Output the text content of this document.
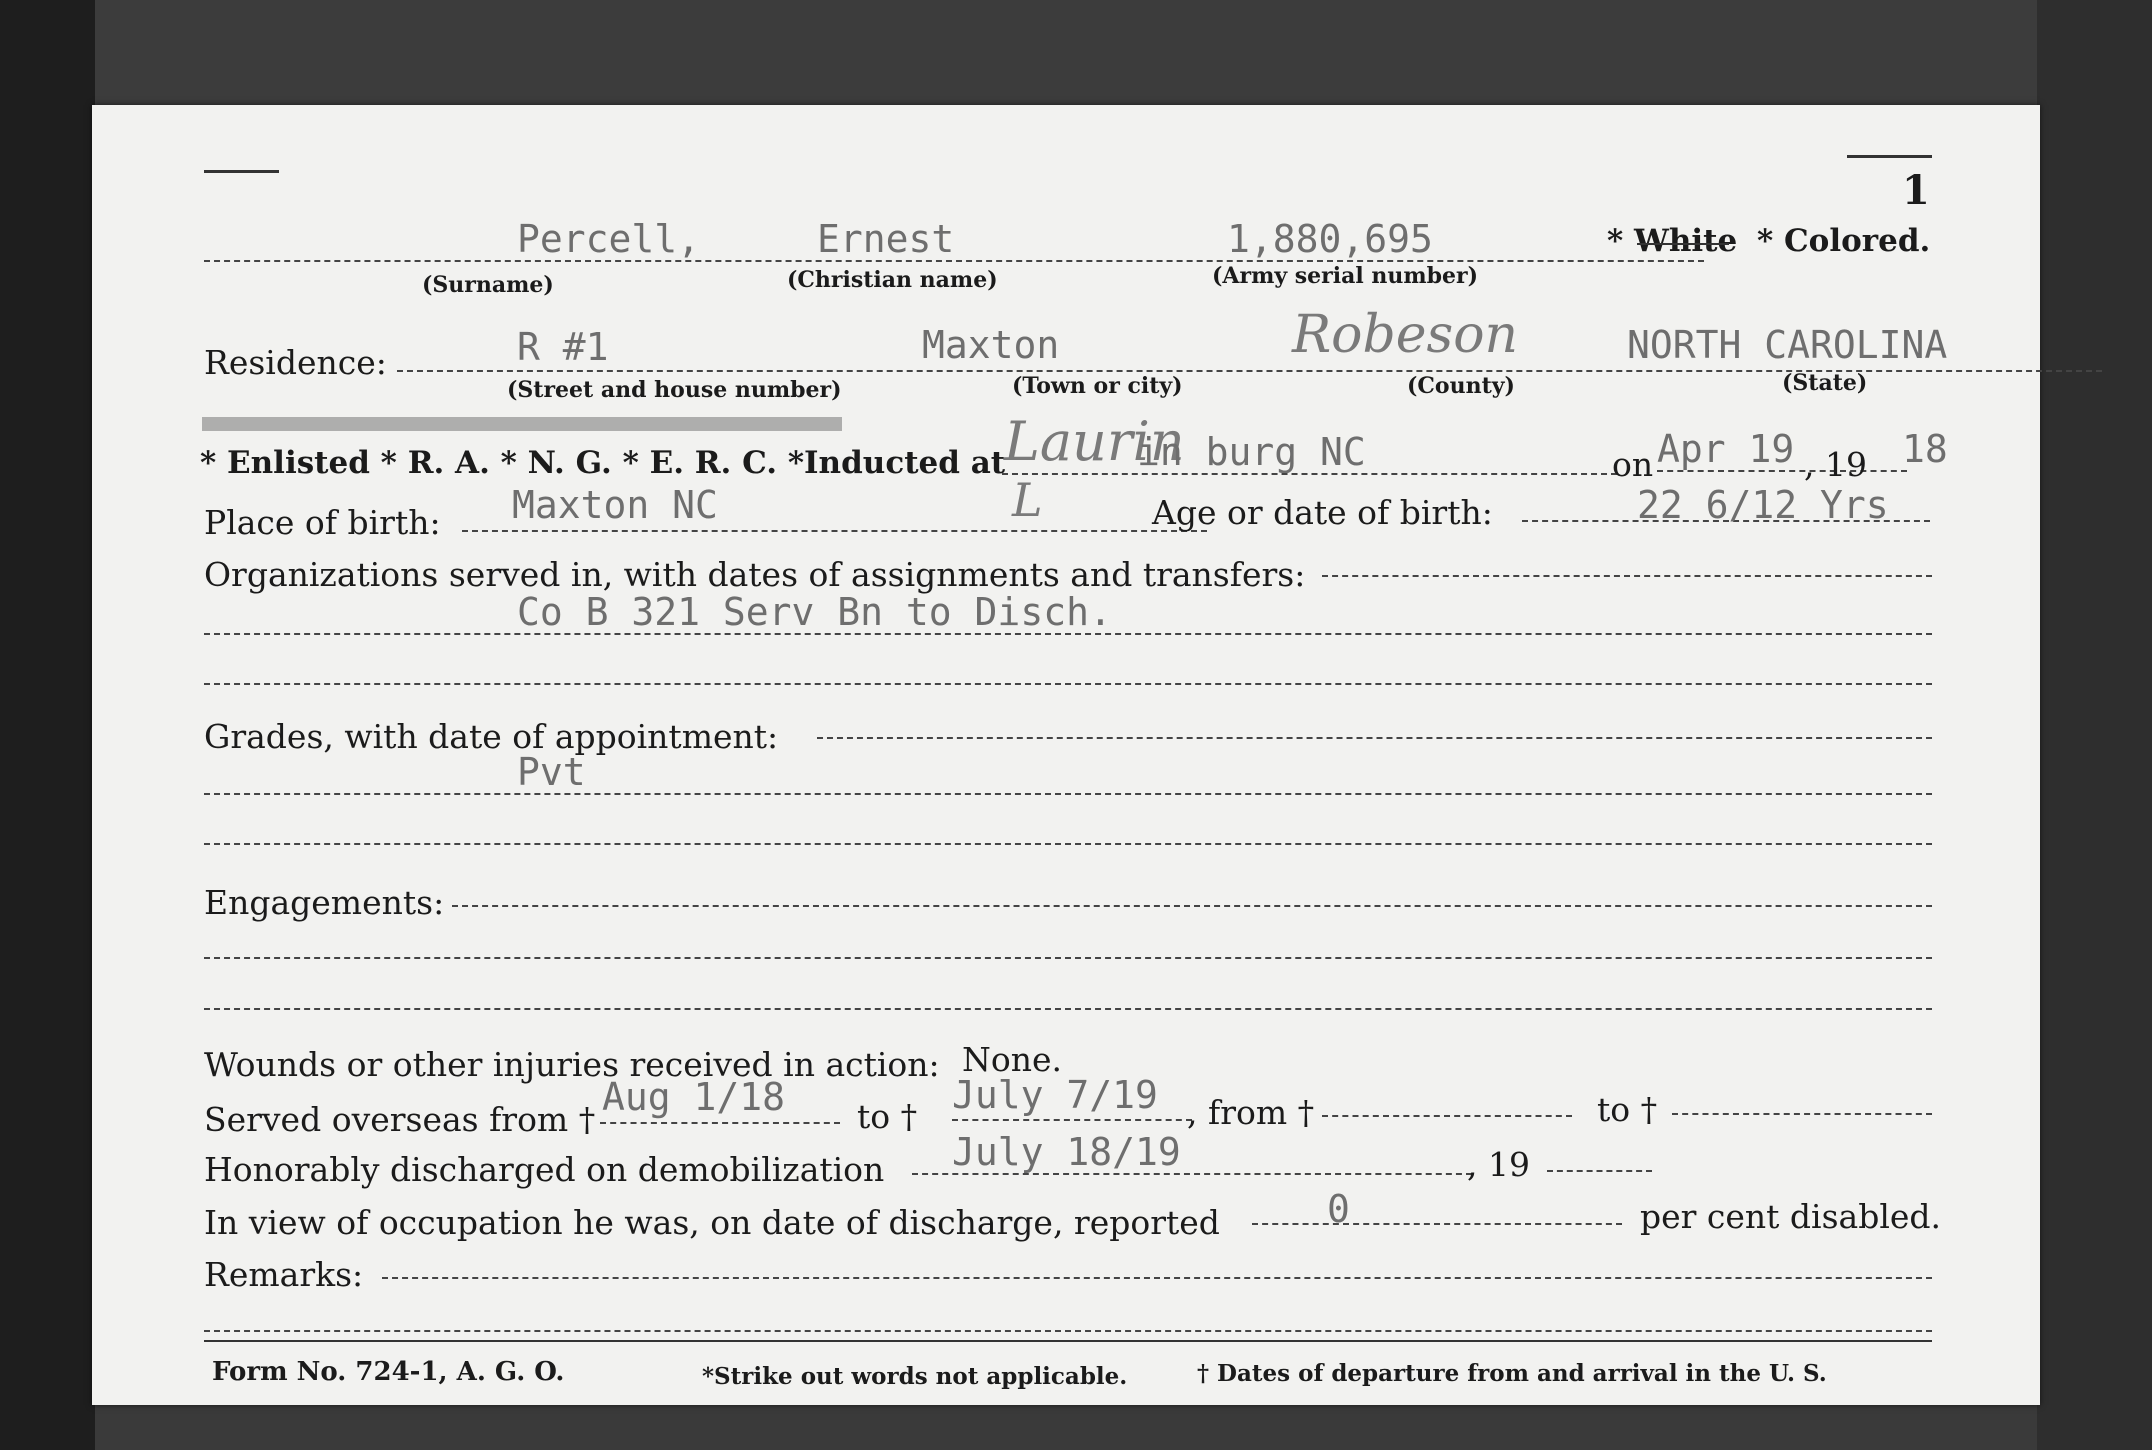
1
Percell,	Ernest	1,880,695	* White * Colored.
(Surname)	(Christian name)	(Army serial number)
Residence:	R #1	Maxton	Robeson	NORTH CAROLINA
(Street and house number)	(Town or city)	(County)	(State)
* Enlisted * R. A. * N. G. * E. R. C. *Inducted at
Laurin
in burg NC	on Apr 19 , 19 18
Place of birth: Maxton NC	L	Age or date of birth:	22 6/12 Yrs
Organizations served in, with dates of assignments and transfers:
Co B 321 Serv Bn to Disch.
Grades, with date of appointment:
Pvt
Engagements:
Wounds or other injuries received in action: None.
Served overseas from †
Aug 1/18 to † July 7/19 , from †	to †
Honorably discharged on demobilization July 18/19	, 19
In view of occupation he was, on date of discharge, reported	0	per cent disabled.
Remarks:
Form No. 724-1, A. G. O.	*Strike out words not applicable.	† Dates of departure from and arrival in the U. S.
